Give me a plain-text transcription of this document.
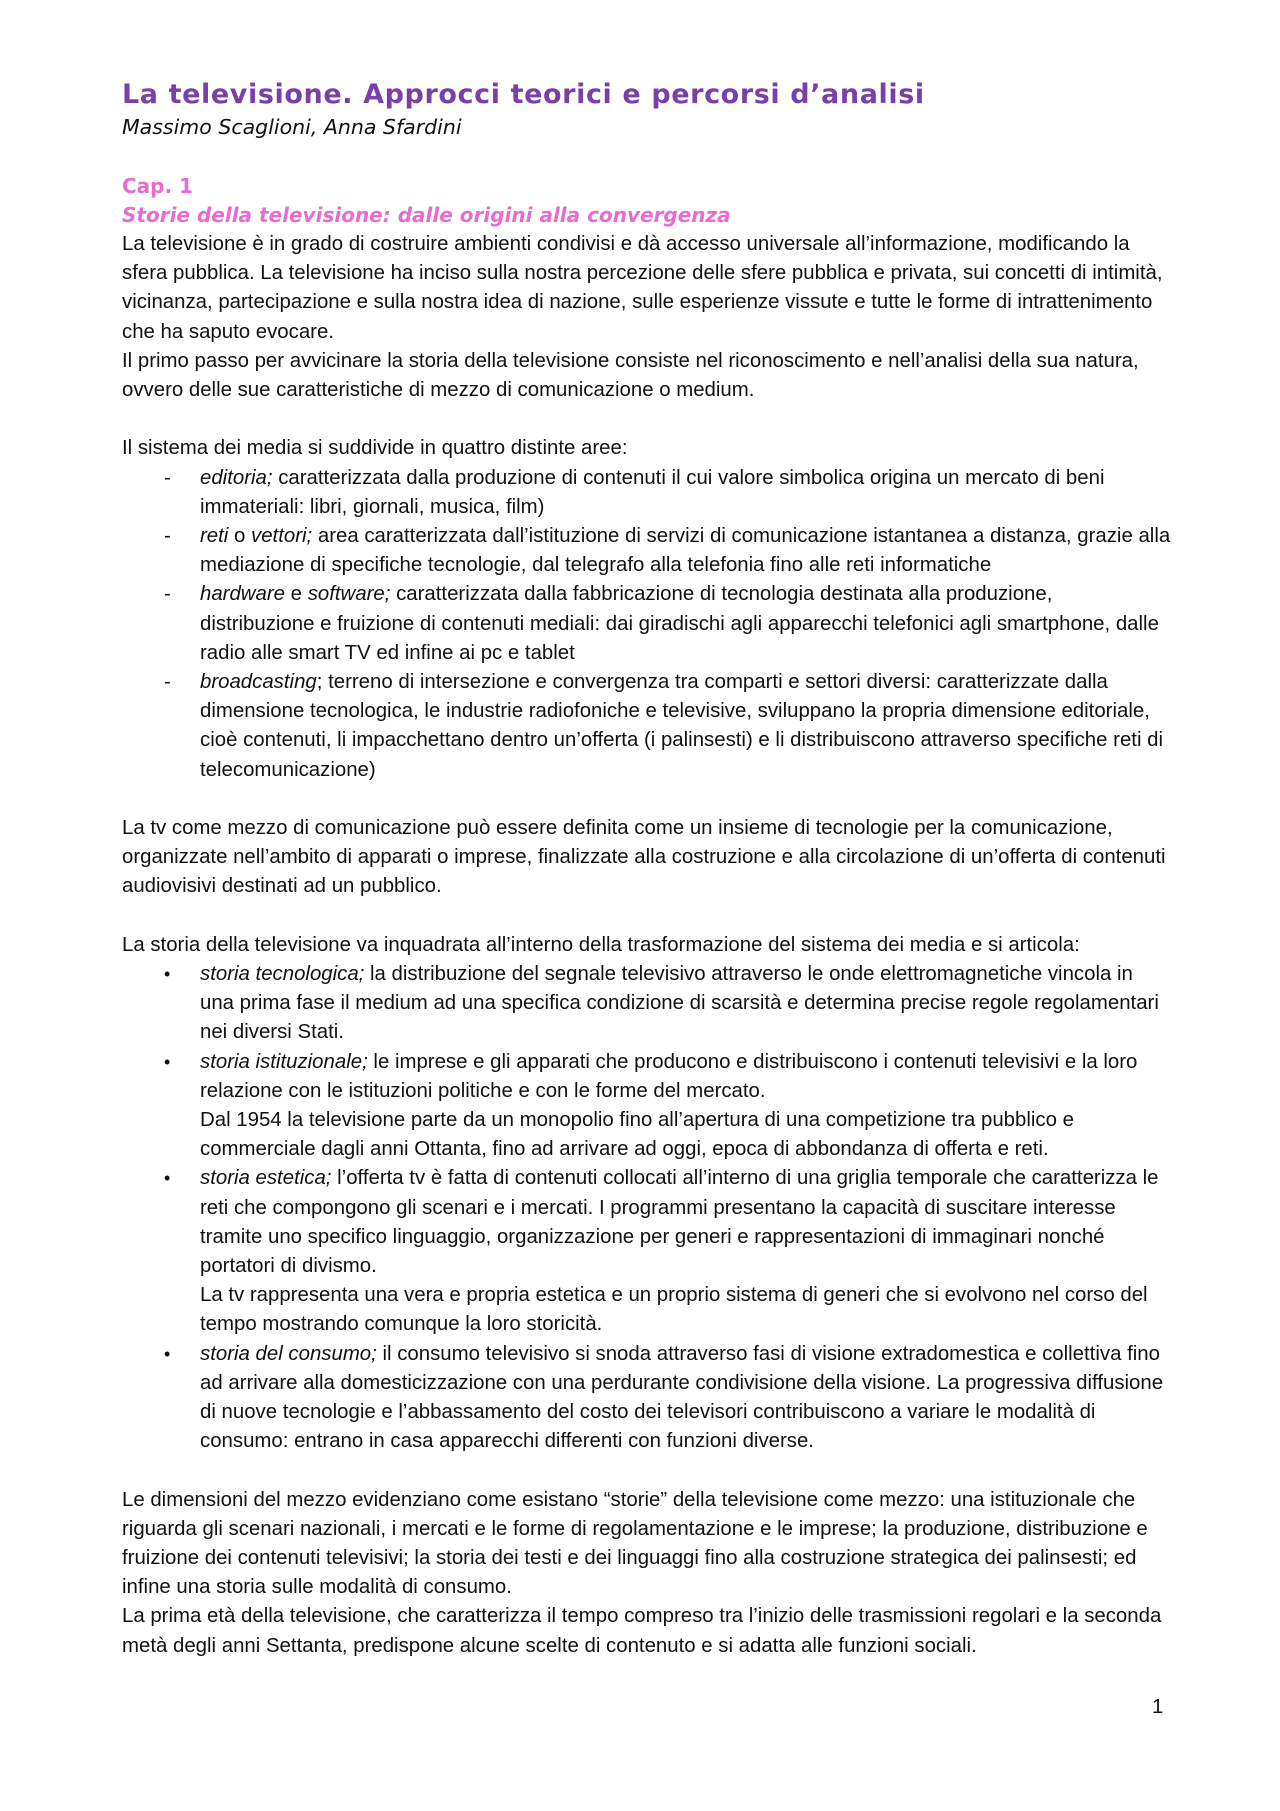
La televisione. Approcci teorici e percorsi d’analisi

Massimo Scaglioni, Anna Sfardini

Cap. 1

Storie della televisione: dalle origini alla convergenza

La televisione è in grado di costruire ambienti condivisi e dà accesso universale all’informazione, modificando la sfera pubblica. La televisione ha inciso sulla nostra percezione delle sfere pubblica e privata, sui concetti di intimità, vicinanza, partecipazione e sulla nostra idea di nazione, sulle esperienze vissute e tutte le forme di intrattenimento che ha saputo evocare.

Il primo passo per avvicinare la storia della televisione consiste nel riconoscimento e nell’analisi della sua natura, ovvero delle sue caratteristiche di mezzo di comunicazione o medium.

Il sistema dei media si suddivide in quattro distinte aree:

-	editoria; caratterizzata dalla produzione di contenuti il cui valore simbolica origina un mercato di beni immateriali: libri, giornali, musica, film)
-	reti o vettori; area caratterizzata dall’istituzione di servizi di comunicazione istantanea a distanza, grazie alla mediazione di specifiche tecnologie, dal telegrafo alla telefonia fino alle reti informatiche
-	hardware e software; caratterizzata dalla fabbricazione di tecnologia destinata alla produzione, distribuzione e fruizione di contenuti mediali: dai giradischi agli apparecchi telefonici agli smartphone, dalle radio alle smart TV ed infine ai pc e tablet
-	broadcasting; terreno di intersezione e convergenza tra comparti e settori diversi: caratterizzate dalla dimensione tecnologica, le industrie radiofoniche e televisive, sviluppano la propria dimensione editoriale, cioè contenuti, li impacchettano dentro un’offerta (i palinsesti) e li distribuiscono attraverso specifiche reti di telecomunicazione)

La tv come mezzo di comunicazione può essere definita come un insieme di tecnologie per la comunicazione, organizzate nell’ambito di apparati o imprese, finalizzate alla costruzione e alla circolazione di un’offerta di contenuti audiovisivi destinati ad un pubblico.

La storia della televisione va inquadrata all’interno della trasformazione del sistema dei media e si articola:

•	storia tecnologica; la distribuzione del segnale televisivo attraverso le onde elettromagnetiche vincola in una prima fase il medium ad una specifica condizione di scarsità e determina precise regole regolamentari nei diversi Stati.
•	storia istituzionale; le imprese e gli apparati che producono e distribuiscono i contenuti televisivi e la loro relazione con le istituzioni politiche e con le forme del mercato.
Dal 1954 la televisione parte da un monopolio fino all’apertura di una competizione tra pubblico e commerciale dagli anni Ottanta, fino ad arrivare ad oggi, epoca di abbondanza di offerta e reti.
•	storia estetica; l’offerta tv è fatta di contenuti collocati all’interno di una griglia temporale che caratterizza le reti che compongono gli scenari e i mercati. I programmi presentano la capacità di suscitare interesse tramite uno specifico linguaggio, organizzazione per generi e rappresentazioni di immaginari nonché portatori di divismo.
La tv rappresenta una vera e propria estetica e un proprio sistema di generi che si evolvono nel corso del tempo mostrando comunque la loro storicità.
•	storia del consumo; il consumo televisivo si snoda attraverso fasi di visione extradomestica e collettiva fino ad arrivare alla domesticizzazione con una perdurante condivisione della visione. La progressiva diffusione di nuove tecnologie e l’abbassamento del costo dei televisori contribuiscono a variare le modalità di consumo: entrano in casa apparecchi differenti con funzioni diverse.

Le dimensioni del mezzo evidenziano come esistano “storie” della televisione come mezzo: una istituzionale che riguarda gli scenari nazionali, i mercati e le forme di regolamentazione e le imprese; la produzione, distribuzione e fruizione dei contenuti televisivi; la storia dei testi e dei linguaggi fino alla costruzione strategica dei palinsesti; ed infine una storia sulle modalità di consumo.

La prima età della televisione, che caratterizza il tempo compreso tra l’inizio delle trasmissioni regolari e la seconda metà degli anni Settanta, predispone alcune scelte di contenuto e si adatta alle funzioni sociali.

1
